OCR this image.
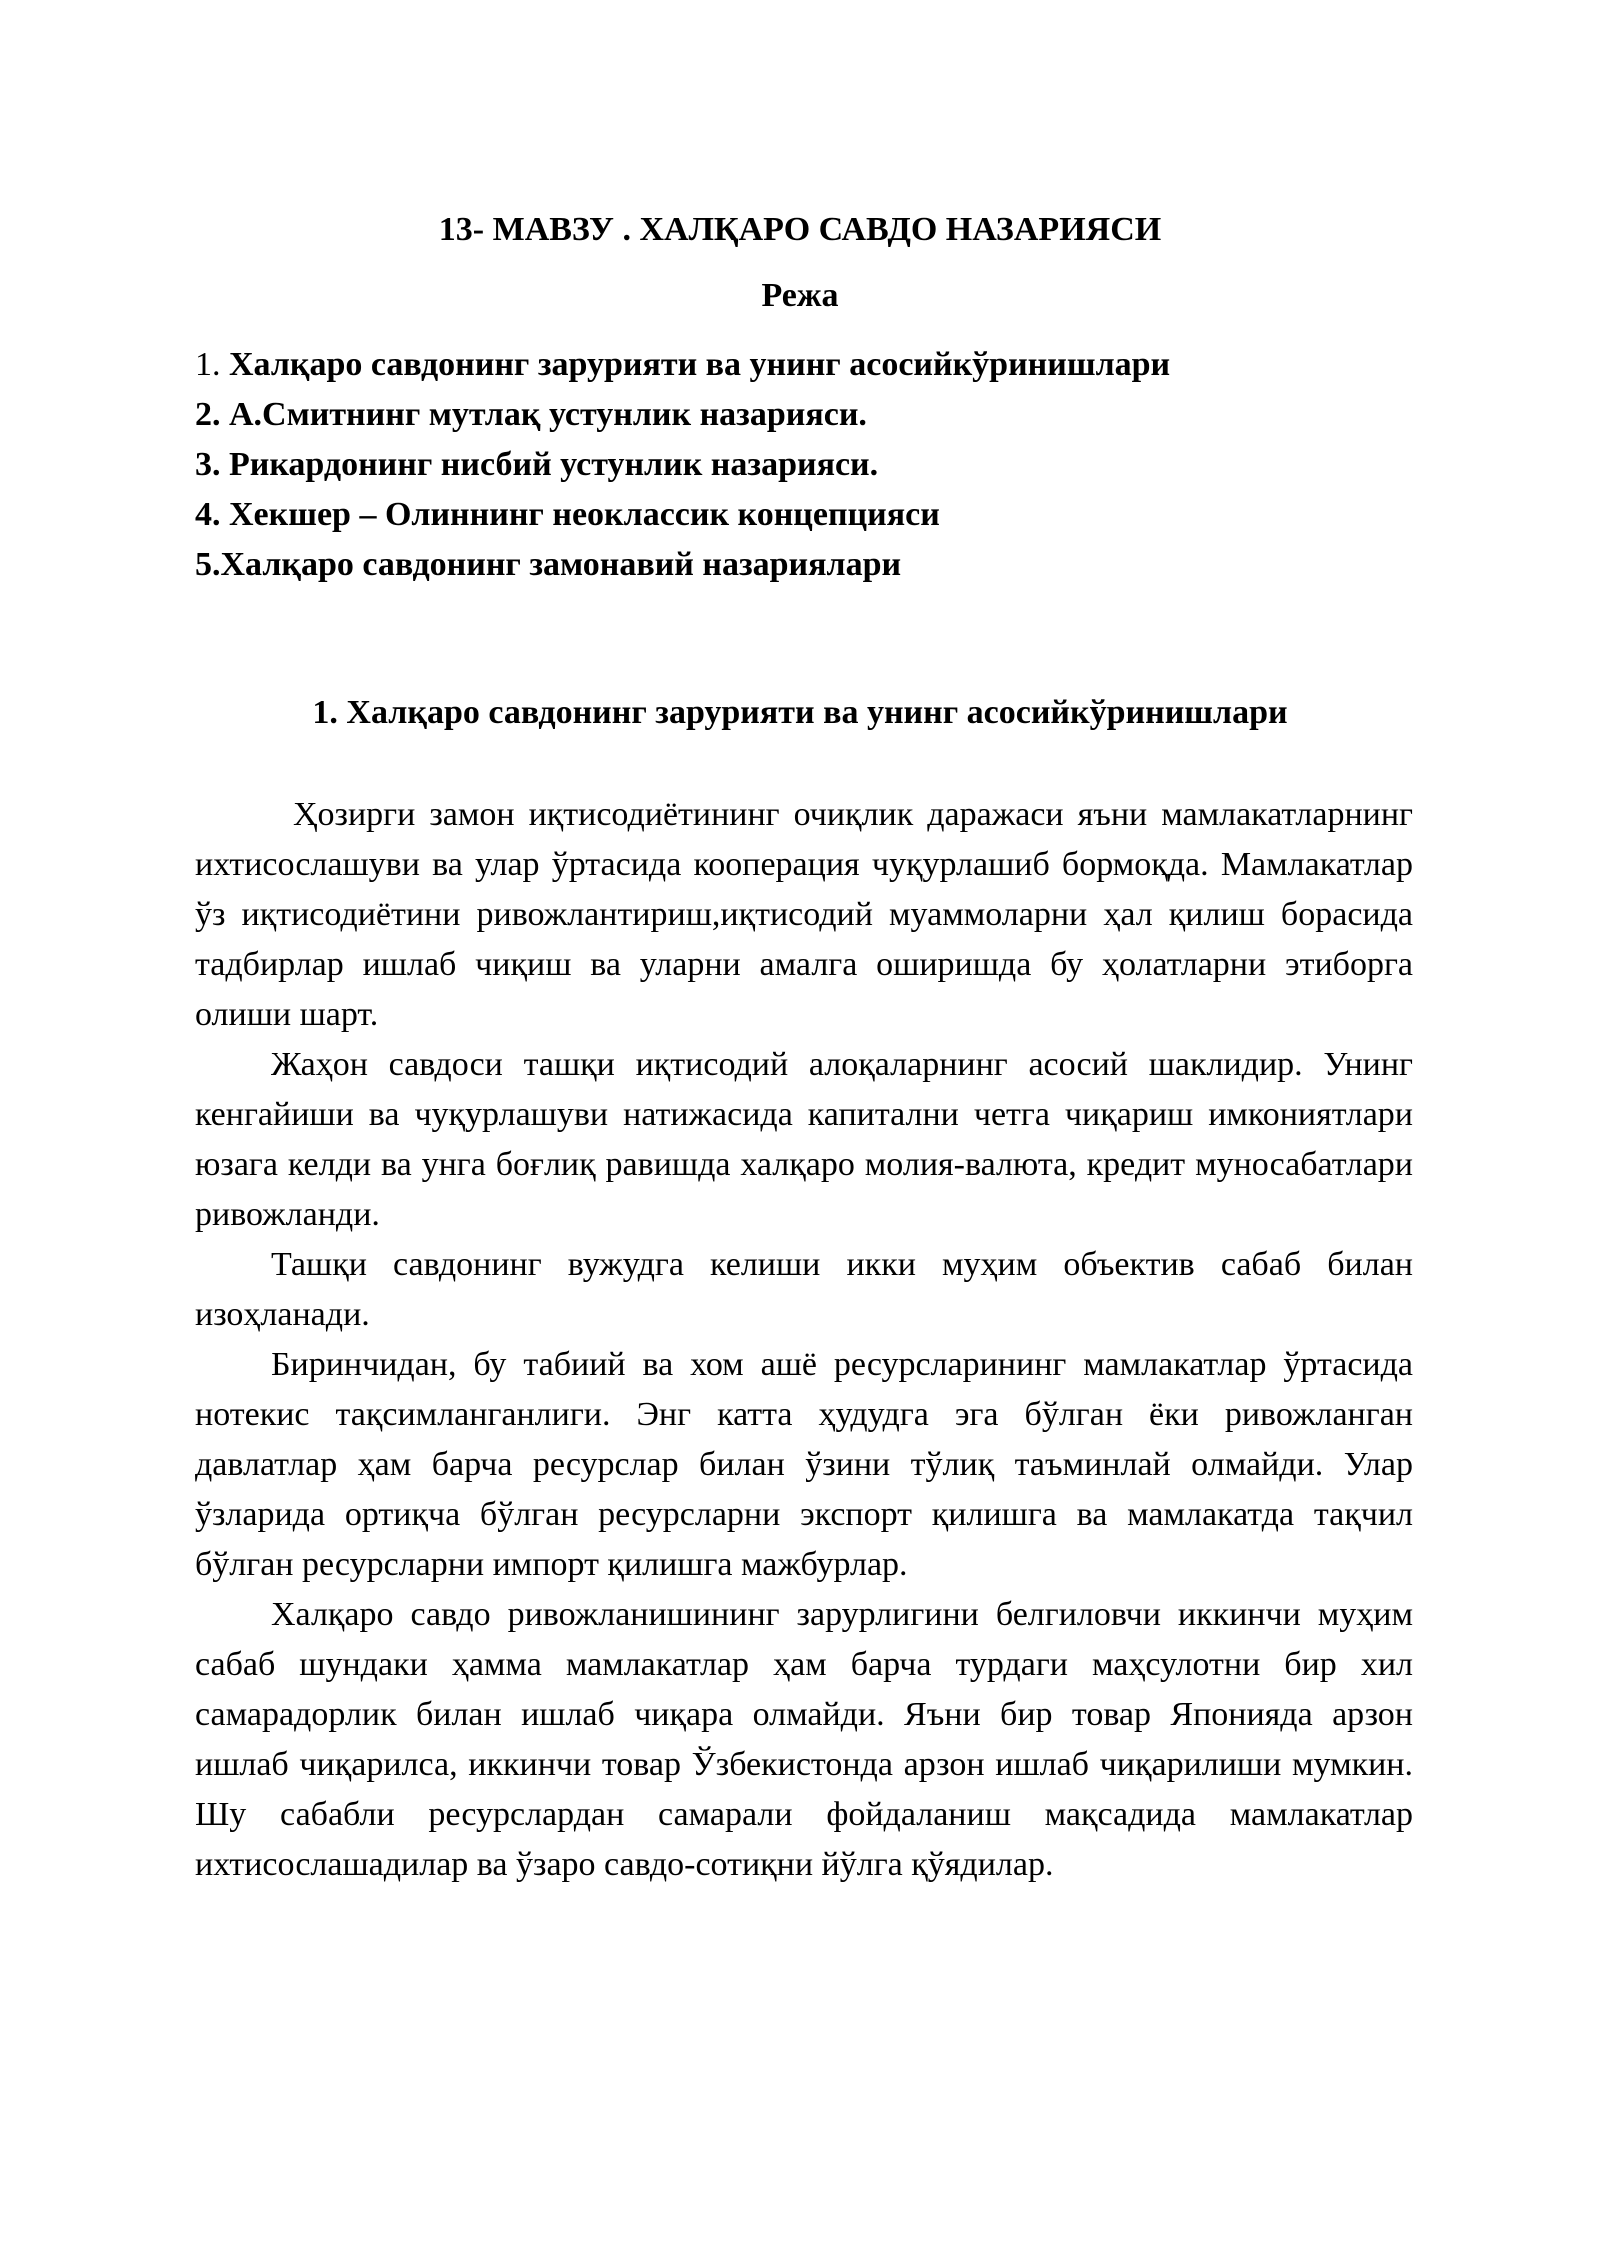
13- МАВЗУ . ХАЛҚАРО САВДО НАЗАРИЯСИ
Режа
1. Халқаро савдонинг зарурияти ва унинг асосийкўринишлари
2. А.Смитнинг мутлақ устунлик назарияси.
3. Рикардонинг нисбий устунлик назарияси.
4. Хекшер – Олиннинг неоклассик концепцияси
5.Халқаро савдонинг замонавий назариялари
1. Халқаро савдонинг зарурияти ва унинг асосийкўринишлари

Ҳозирги замон иқтисодиётининг очиқлик даражаси яъни мамлакатларнинг ихтисослашуви ва улар ўртасида кооперация чуқурлашиб бормоқда. Мамлакатлар ўз иқтисодиётини ривожлантириш,иқтисодий муаммоларни ҳал қилиш борасида тадбирлар ишлаб чиқиш ва уларни амалга оширишда бу ҳолатларни этиборга олиши шарт.

Жаҳон савдоси ташқи иқтисодий алоқаларнинг асосий шаклидир. Унинг кенгайиши ва чуқурлашуви натижасида капитални четга чиқариш имкониятлари юзага келди ва унга боғлиқ равишда халқаро молия-валюта, кредит муносабатлари ривожланди.

Ташқи савдонинг вужудга келиши икки муҳим объектив сабаб билан изоҳланади.

Биринчидан, бу табиий ва хом ашё ресурсларининг мамлакатлар ўртасида нотекис тақсимланганлиги. Энг катта ҳудудга эга бўлган ёки ривожланган давлатлар ҳам барча ресурслар билан ўзини тўлиқ таъминлай олмайди. Улар ўзларида ортиқча бўлган ресурсларни экспорт қилишга ва мамлакатда тақчил бўлган ресурсларни импорт қилишга мажбурлар.

Халқаро савдо ривожланишининг зарурлигини белгиловчи иккинчи муҳим сабаб шундаки ҳамма мамлакатлар ҳам барча турдаги маҳсулотни бир хил самарадорлик билан ишлаб чиқара олмайди. Яъни бир товар Японияда арзон ишлаб чиқарилса, иккинчи товар Ўзбекистонда арзон ишлаб чиқарилиши мумкин. Шу сабабли ресурслардан самарали фойдаланиш мақсадида мамлакатлар ихтисослашадилар ва ўзаро савдо-сотиқни йўлга қўядилар.
